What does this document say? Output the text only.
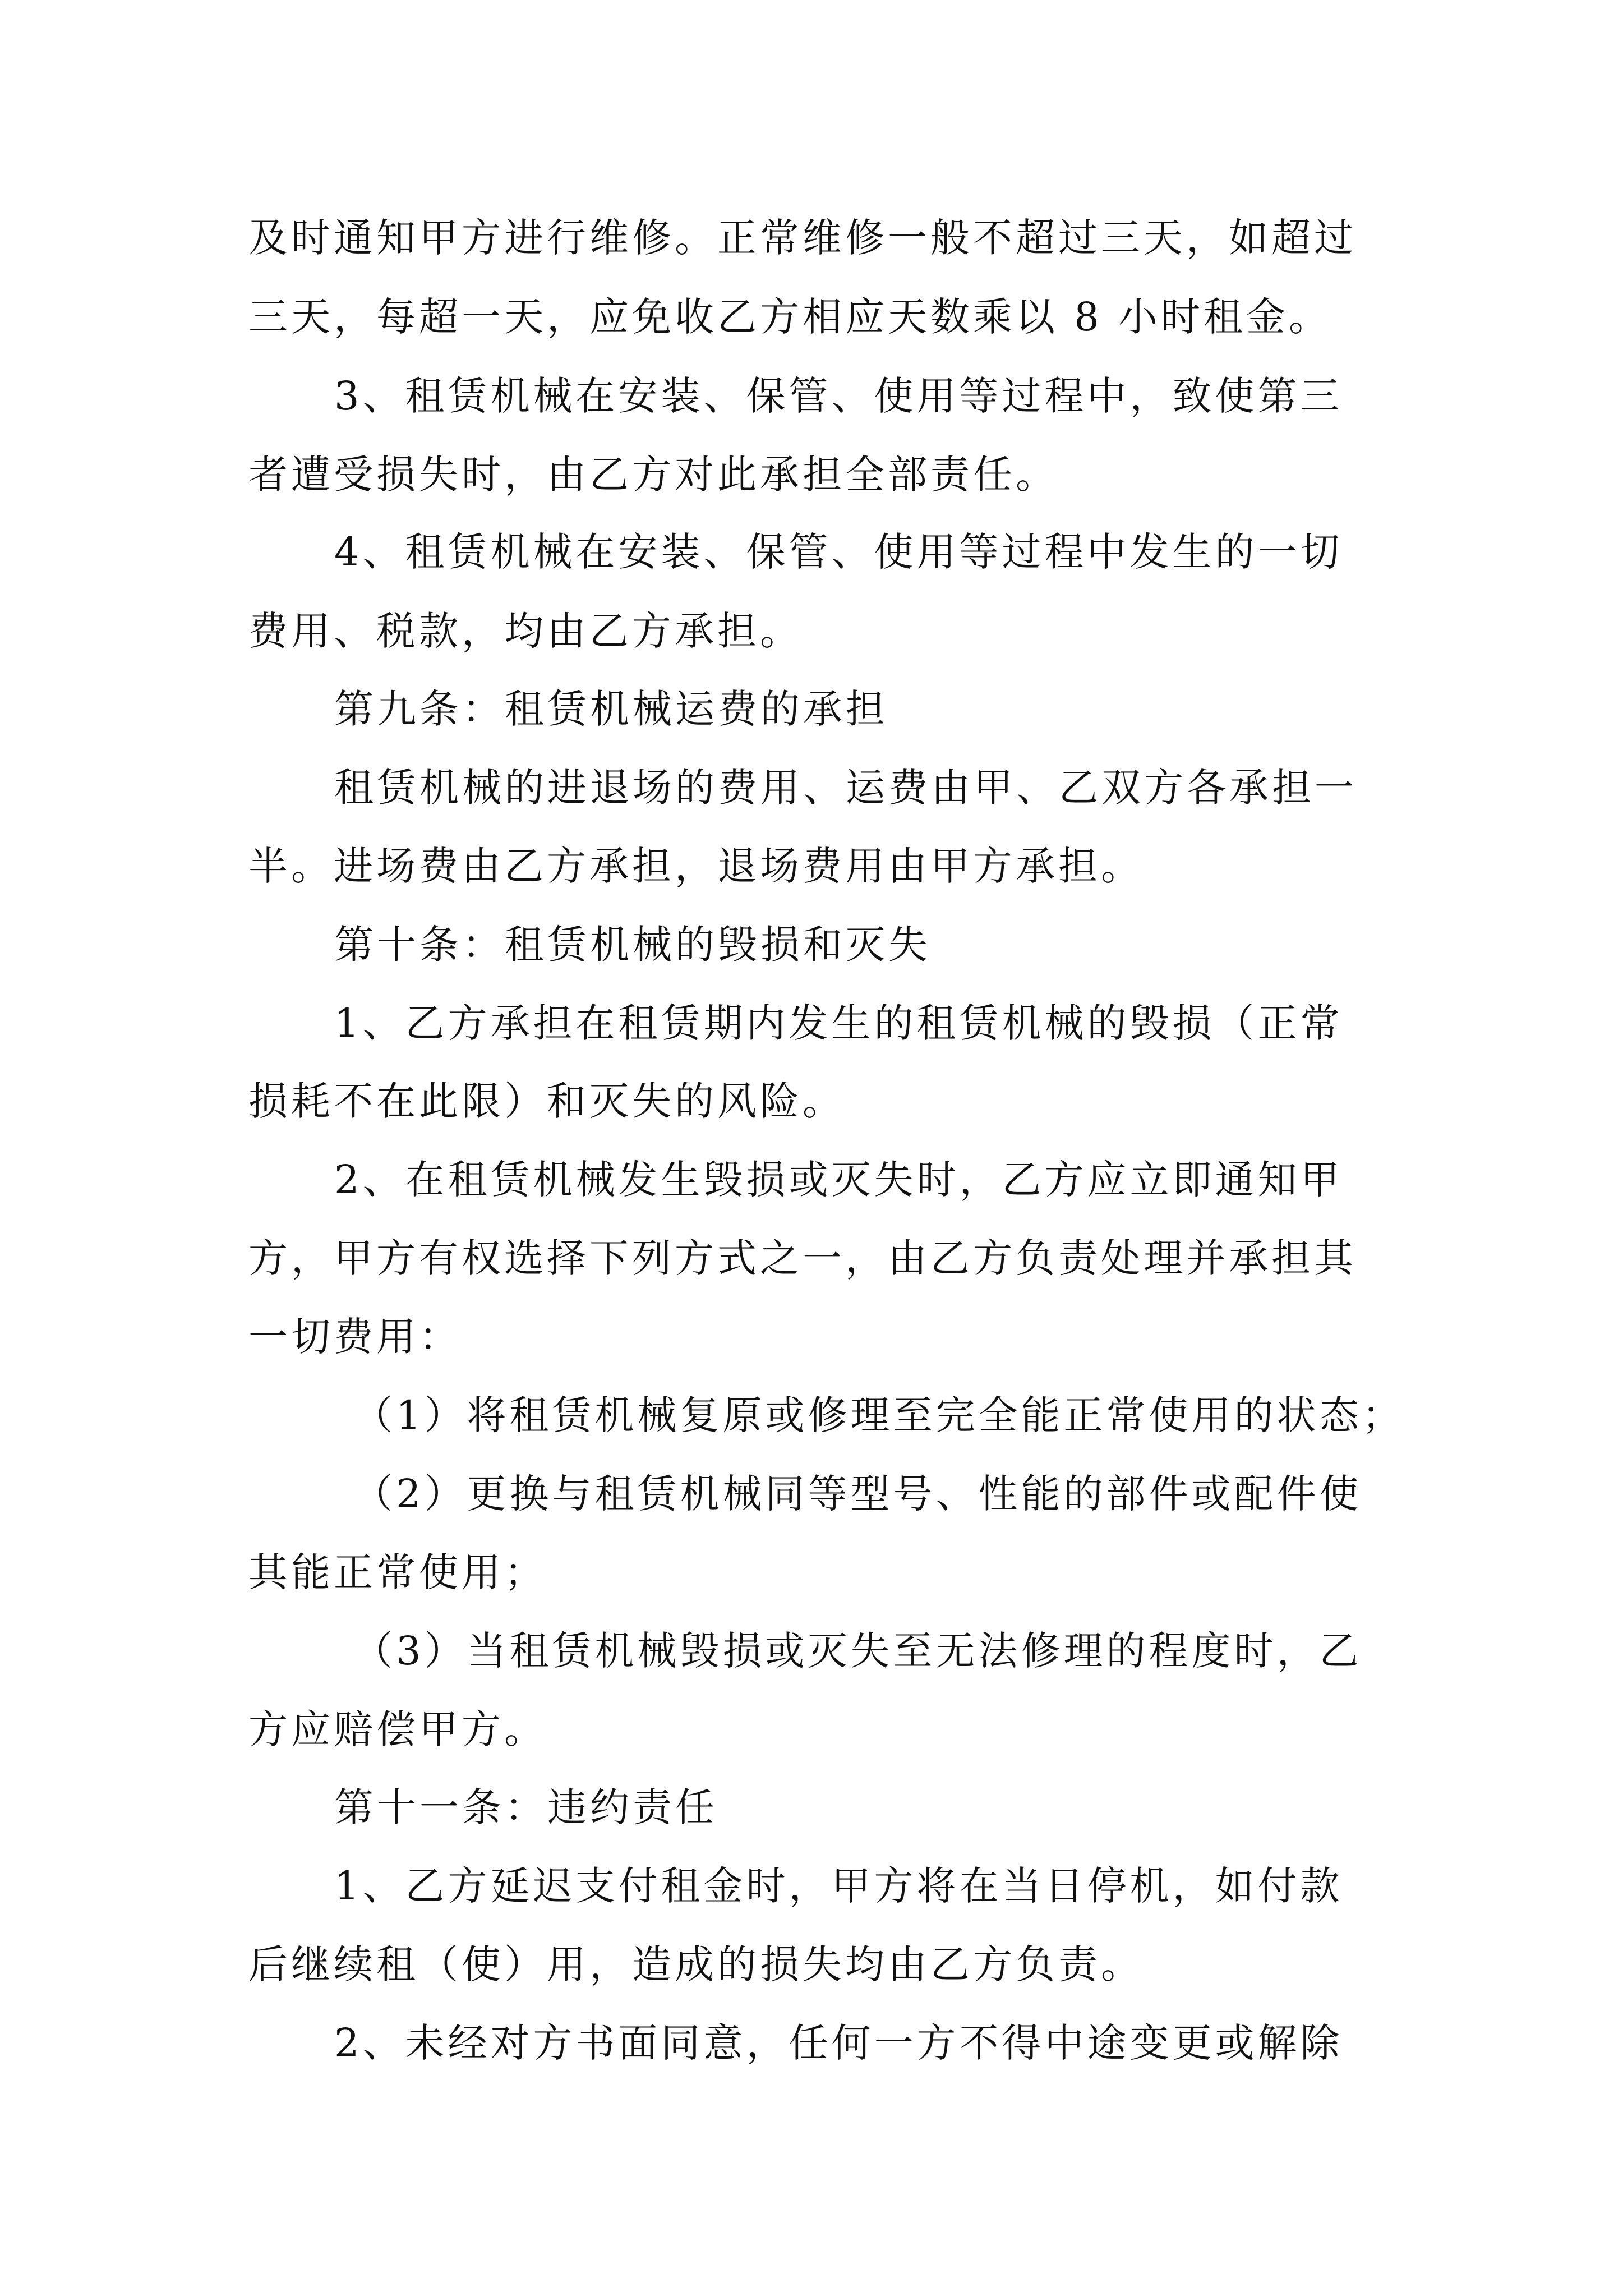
及时通知甲方进行维修。正常维修一般不超过三天，如超过
三天，每超一天，应免收乙方相应天数乘以 8 小时租金。
3、租赁机械在安装、保管、使用等过程中，致使第三
者遭受损失时，由乙方对此承担全部责任。
4、租赁机械在安装、保管、使用等过程中发生的一切
费用、税款，均由乙方承担。
第九条：租赁机械运费的承担
租赁机械的进退场的费用、运费由甲、乙双方各承担一
半。进场费由乙方承担，退场费用由甲方承担。
第十条：租赁机械的毁损和灭失
1、乙方承担在租赁期内发生的租赁机械的毁损（正常
损耗不在此限）和灭失的风险。
2、在租赁机械发生毁损或灭失时，乙方应立即通知甲
方，甲方有权选择下列方式之一，由乙方负责处理并承担其
一切费用：
（1）将租赁机械复原或修理至完全能正常使用的状态；
（2）更换与租赁机械同等型号、性能的部件或配件使
其能正常使用；
（3）当租赁机械毁损或灭失至无法修理的程度时，乙
方应赔偿甲方。
第十一条：违约责任
1、乙方延迟支付租金时，甲方将在当日停机，如付款
后继续租（使）用，造成的损失均由乙方负责。
2、未经对方书面同意，任何一方不得中途变更或解除
